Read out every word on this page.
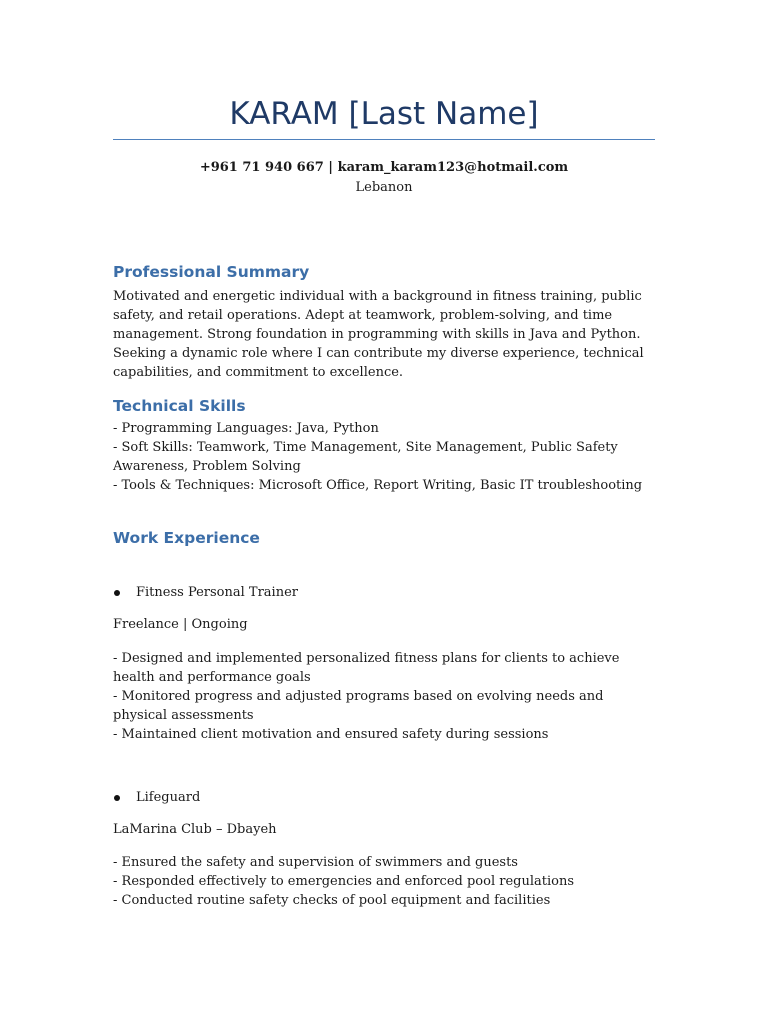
KARAM [Last Name]
+961 71 940 667 | karam_karam123@hotmail.com
Lebanon
Professional Summary

Motivated and energetic individual with a background in fitness training, public safety, and retail operations. Adept at teamwork, problem-solving, and time management. Strong foundation in programming with skills in Java and Python. Seeking a dynamic role where I can contribute my diverse experience, technical capabilities, and commitment to excellence.

Technical Skills
- Programming Languages: Java, Python
- Soft Skills: Teamwork, Time Management, Site Management, Public Safety Awareness, Problem Solving
- Tools & Techniques: Microsoft Office, Report Writing, Basic IT troubleshooting
Work Experience
Fitness Personal Trainer
Freelance | Ongoing
- Designed and implemented personalized fitness plans for clients to achieve health and performance goals
- Monitored progress and adjusted programs based on evolving needs and physical assessments
- Maintained client motivation and ensured safety during sessions
Lifeguard
LaMarina Club – Dbayeh
- Ensured the safety and supervision of swimmers and guests
- Responded effectively to emergencies and enforced pool regulations
- Conducted routine safety checks of pool equipment and facilities
